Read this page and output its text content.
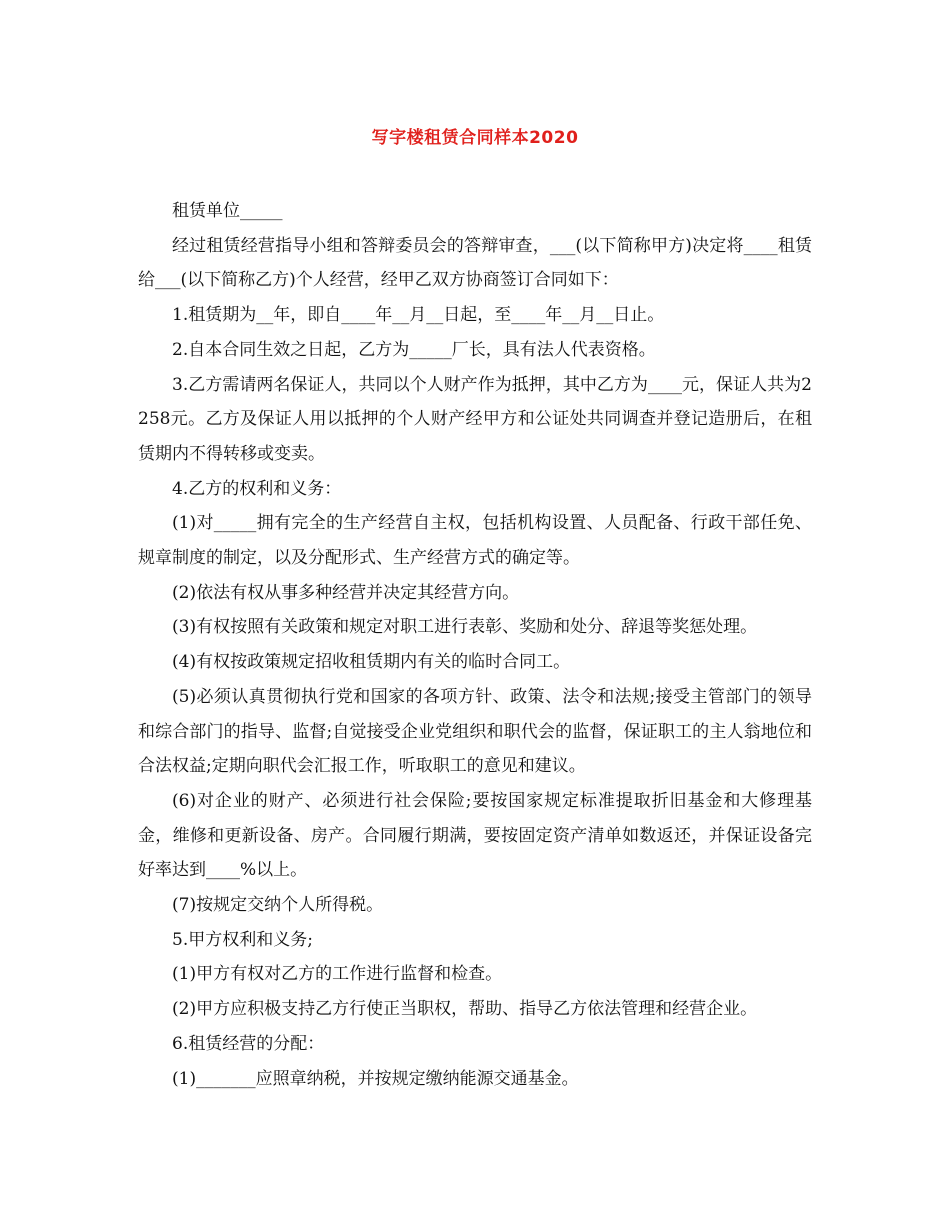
写字楼租赁合同样本2020

租赁单位_____

经过租赁经营指导小组和答辩委员会的答辩审查，___(以下简称甲方)决定将____租赁给___(以下简称乙方)个人经营，经甲乙双方协商签订合同如下：

1.租赁期为__年，即自____年__月__日起，至____年__月__日止。

2.自本合同生效之日起，乙方为_____厂长，具有法人代表资格。

3.乙方需请两名保证人，共同以个人财产作为抵押，其中乙方为____元，保证人共为2258元。乙方及保证人用以抵押的个人财产经甲方和公证处共同调查并登记造册后，在租赁期内不得转移或变卖。

4.乙方的权利和义务：

(1)对_____拥有完全的生产经营自主权，包括机构设置、人员配备、行政干部任免、规章制度的制定，以及分配形式、生产经营方式的确定等。

(2)依法有权从事多种经营并决定其经营方向。

(3)有权按照有关政策和规定对职工进行表彰、奖励和处分、辞退等奖惩处理。

(4)有权按政策规定招收租赁期内有关的临时合同工。

(5)必须认真贯彻执行党和国家的各项方针、政策、法令和法规;接受主管部门的领导和综合部门的指导、监督;自觉接受企业党组织和职代会的监督，保证职工的主人翁地位和合法权益;定期向职代会汇报工作，听取职工的意见和建议。

(6)对企业的财产、必须进行社会保险;要按国家规定标准提取折旧基金和大修理基金，维修和更新设备、房产。合同履行期满，要按固定资产清单如数返还，并保证设备完好率达到____%以上。

(7)按规定交纳个人所得税。

5.甲方权利和义务;

(1)甲方有权对乙方的工作进行监督和检查。

(2)甲方应积极支持乙方行使正当职权，帮助、指导乙方依法管理和经营企业。

6.租赁经营的分配：

(1)_______应照章纳税，并按规定缴纳能源交通基金。
